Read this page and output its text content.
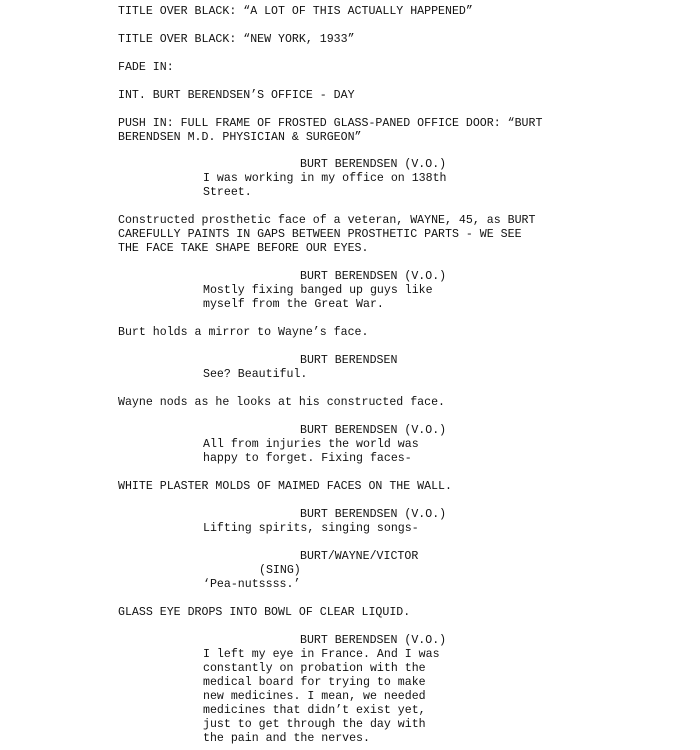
TITLE OVER BLACK: “A LOT OF THIS ACTUALLY HAPPENED”
TITLE OVER BLACK: “NEW YORK, 1933”
FADE IN:
INT. BURT BERENDSEN’S OFFICE - DAY
PUSH IN: FULL FRAME OF FROSTED GLASS-PANED OFFICE DOOR: “BURT
BERENDSEN M.D. PHYSICIAN & SURGEON”
BURT BERENDSEN (V.O.)
I was working in my office on 138th
Street.
Constructed prosthetic face of a veteran, WAYNE, 45, as BURT
CAREFULLY PAINTS IN GAPS BETWEEN PROSTHETIC PARTS - WE SEE
THE FACE TAKE SHAPE BEFORE OUR EYES.
BURT BERENDSEN (V.O.)
Mostly fixing banged up guys like
myself from the Great War.
Burt holds a mirror to Wayne’s face.
BURT BERENDSEN
See? Beautiful.
Wayne nods as he looks at his constructed face.
BURT BERENDSEN (V.O.)
All from injuries the world was
happy to forget. Fixing faces-
WHITE PLASTER MOLDS OF MAIMED FACES ON THE WALL.
BURT BERENDSEN (V.O.)
Lifting spirits, singing songs-
BURT/WAYNE/VICTOR
(SING)
‘Pea-nutssss.’
GLASS EYE DROPS INTO BOWL OF CLEAR LIQUID.
BURT BERENDSEN (V.O.)
I left my eye in France. And I was
constantly on probation with the
medical board for trying to make
new medicines. I mean, we needed
medicines that didn’t exist yet,
just to get through the day with
the pain and the nerves.
